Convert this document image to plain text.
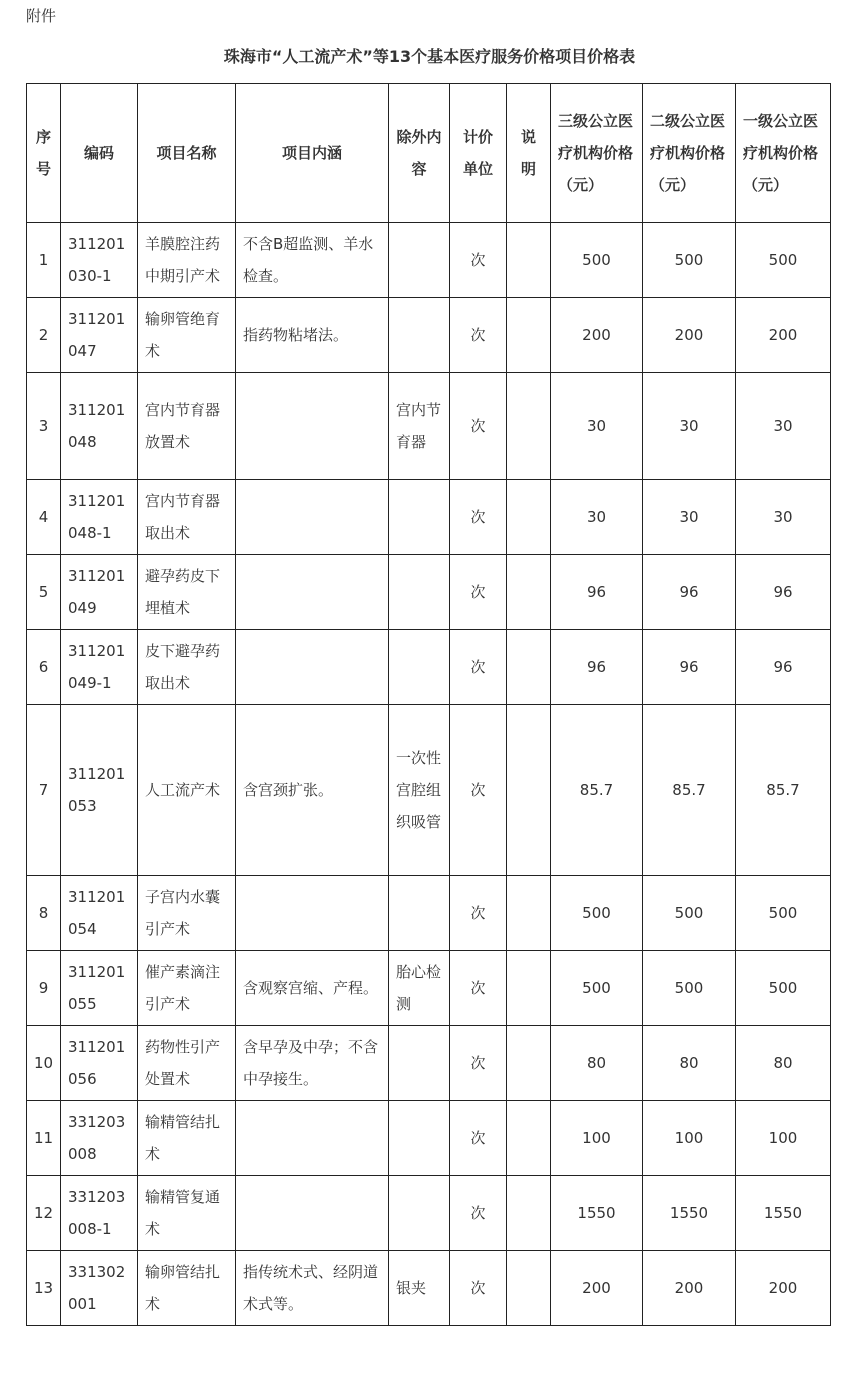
附件
珠海市“人工流产术”等13个基本医疗服务价格项目价格表
序号	编码	项目名称	项目内涵	除外内容	计价单位	说明	三级公立医疗机构价格（元）	二级公立医疗机构价格（元）	一级公立医疗机构价格（元）
1	311201030-1	羊膜腔注药中期引产术	不含B超监测、羊水检查。		次		500	500	500
2	311201047	输卵管绝育术	指药物粘堵法。		次		200	200	200
3	311201048	宫内节育器放置术		宫内节育器	次		30	30	30
4	311201048-1	宫内节育器取出术			次		30	30	30
5	311201049	避孕药皮下埋植术			次		96	96	96
6	311201049-1	皮下避孕药取出术			次		96	96	96
7	311201053	人工流产术	含宫颈扩张。	一次性宫腔组织吸管	次		85.7	85.7	85.7
8	311201054	子宫内水囊引产术			次		500	500	500
9	311201055	催产素滴注引产术	含观察宫缩、产程。	胎心检测	次		500	500	500
10	311201056	药物性引产处置术	含早孕及中孕；不含中孕接生。		次		80	80	80
11	331203008	输精管结扎术			次		100	100	100
12	331203008-1	输精管复通术			次		1550	1550	1550
13	331302001	输卵管结扎术	指传统术式、经阴道术式等。	银夹	次		200	200	200
